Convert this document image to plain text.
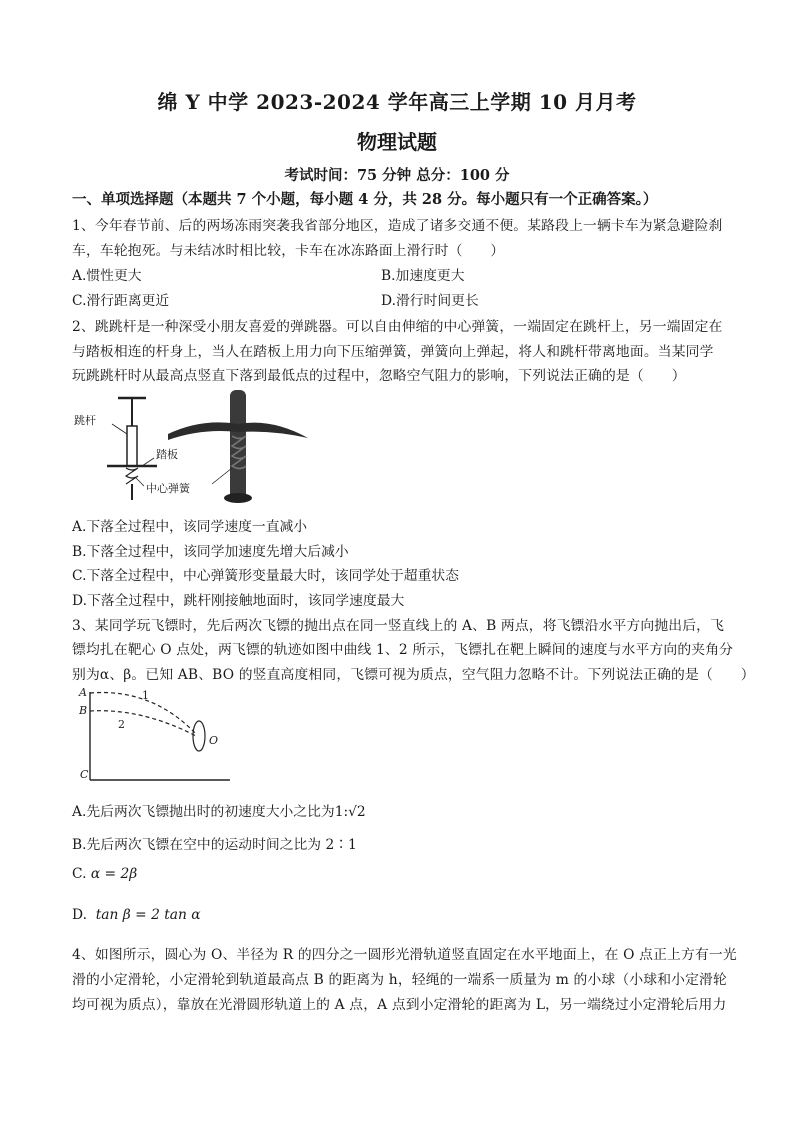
绵 Y 中学 2023-2024 学年高三上学期 10 月月考
物理试题
考试时间：75 分钟 总分：100 分
一、单项选择题（本题共 7 个小题，每小题 4 分，共 28 分。每小题只有一个正确答案。）
1、今年春节前、后的两场冻雨突袭我省部分地区，造成了诸多交通不便。某路段上一辆卡车为紧急避险刹
车，车轮抱死。与未结冰时相比较，卡车在冰冻路面上滑行时（　　）
A.惯性更大	B.加速度更大
C.滑行距离更近	D.滑行时间更长
2、跳跳杆是一种深受小朋友喜爱的弹跳器。可以自由伸缩的中心弹簧，一端固定在跳杆上，另一端固定在
与踏板相连的杆身上，当人在踏板上用力向下压缩弹簧，弹簧向上弹起，将人和跳杆带离地面。当某同学
玩跳跳杆时从最高点竖直下落到最低点的过程中，忽略空气阻力的影响，下列说法正确的是（　　）
跳杆
踏板
中心弹簧
A.下落全过程中，该同学速度一直减小
B.下落全过程中，该同学加速度先增大后减小
C.下落全过程中，中心弹簧形变量最大时，该同学处于超重状态
D.下落全过程中，跳杆刚接触地面时，该同学速度最大
3、某同学玩飞镖时，先后两次飞镖的抛出点在同一竖直线上的 A、B 两点，将飞镖沿水平方向抛出后，飞
镖均扎在靶心 O 点处，两飞镖的轨迹如图中曲线 1、2 所示，飞镖扎在靶上瞬间的速度与水平方向的夹角分
别为α、β。已知 AB、BO 的竖直高度相同，飞镖可视为质点，空气阻力忽略不计。下列说法正确的是（　　）
A
B
1
2
O
C
A.先后两次飞镖抛出时的初速度大小之比为1:√2
B.先后两次飞镖在空中的运动时间之比为 2∶1
C. α = 2β
D. tan β = 2 tan α
4、如图所示，圆心为 O、半径为 R 的四分之一圆形光滑轨道竖直固定在水平地面上，在 O 点正上方有一光
滑的小定滑轮，小定滑轮到轨道最高点 B 的距离为 h，轻绳的一端系一质量为 m 的小球（小球和小定滑轮
均可视为质点），靠放在光滑圆形轨道上的 A 点，A 点到小定滑轮的距离为 L，另一端绕过小定滑轮后用力
